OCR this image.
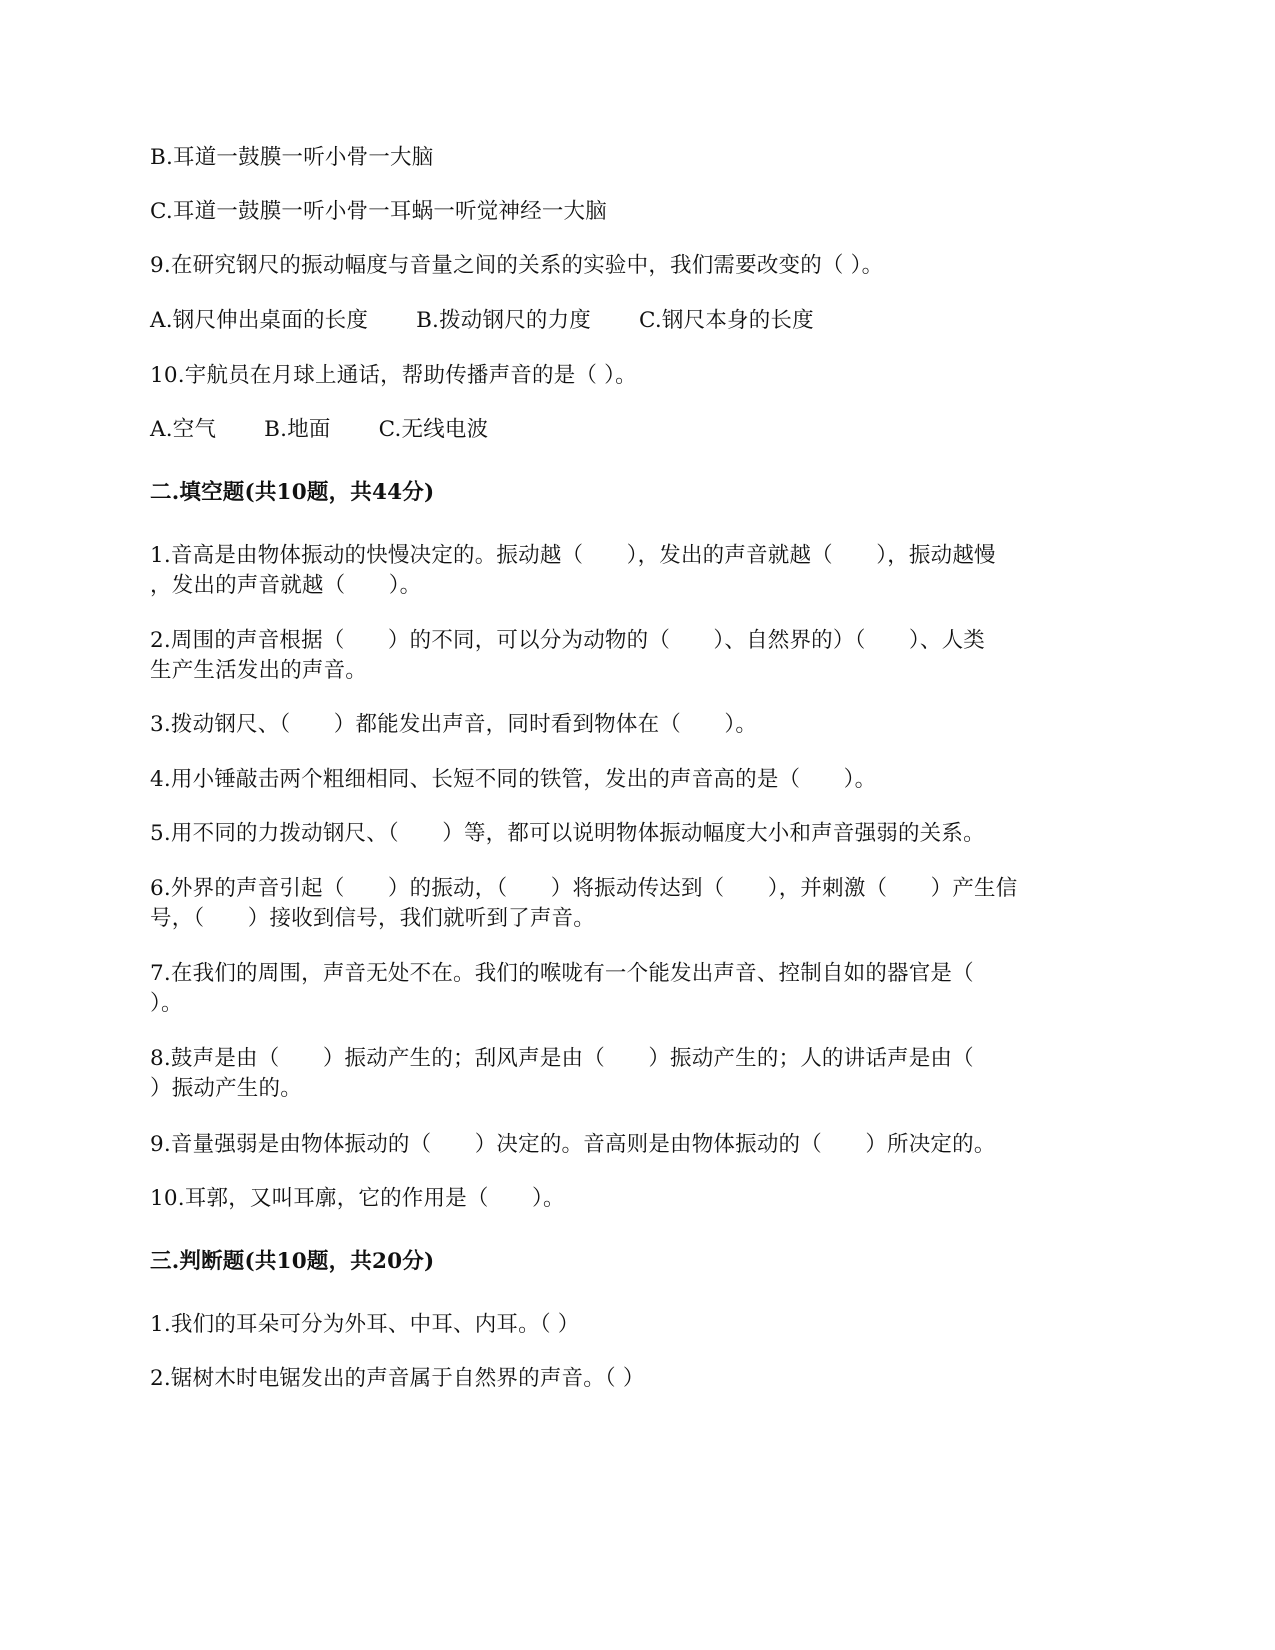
B.耳道一鼓膜一听小骨一大脑
C.耳道一鼓膜一听小骨一耳蜗一听觉神经一大脑
9.在研究钢尺的振动幅度与音量之间的关系的实验中，我们需要改变的（ ）。
A.钢尺伸出桌面的长度 B.拨动钢尺的力度 C.钢尺本身的长度
10.宇航员在月球上通话，帮助传播声音的是（ ）。
A.空气 B.地面 C.无线电波
二.填空题(共10题，共44分)
1.音高是由物体振动的快慢决定的。振动越（　　），发出的声音就越（　　），振动越慢
，发出的声音就越（　　）。
2.周围的声音根据（　　）的不同，可以分为动物的（　　）、自然界的）（　　）、人类
生产生活发出的声音。
3.拨动钢尺、（　　）都能发出声音，同时看到物体在（　　）。
4.用小锤敲击两个粗细相同、长短不同的铁管，发出的声音高的是（　　）。
5.用不同的力拨动钢尺、（　　）等，都可以说明物体振动幅度大小和声音强弱的关系。
6.外界的声音引起（　　）的振动，（　　）将振动传达到（　　），并刺激（　　）产生信
号，（　　）接收到信号，我们就听到了声音。
7.在我们的周围，声音无处不在。我们的喉咙有一个能发出声音、控制自如的器官是（
）。
8.鼓声是由（　　）振动产生的；刮风声是由（　　）振动产生的；人的讲话声是由（
）振动产生的。
9.音量强弱是由物体振动的（　　）决定的。音高则是由物体振动的（　　）所决定的。
10.耳郭，又叫耳廓，它的作用是（　　）。
三.判断题(共10题，共20分)
1.我们的耳朵可分为外耳、中耳、内耳。（ ）
2.锯树木时电锯发出的声音属于自然界的声音。（ ）
